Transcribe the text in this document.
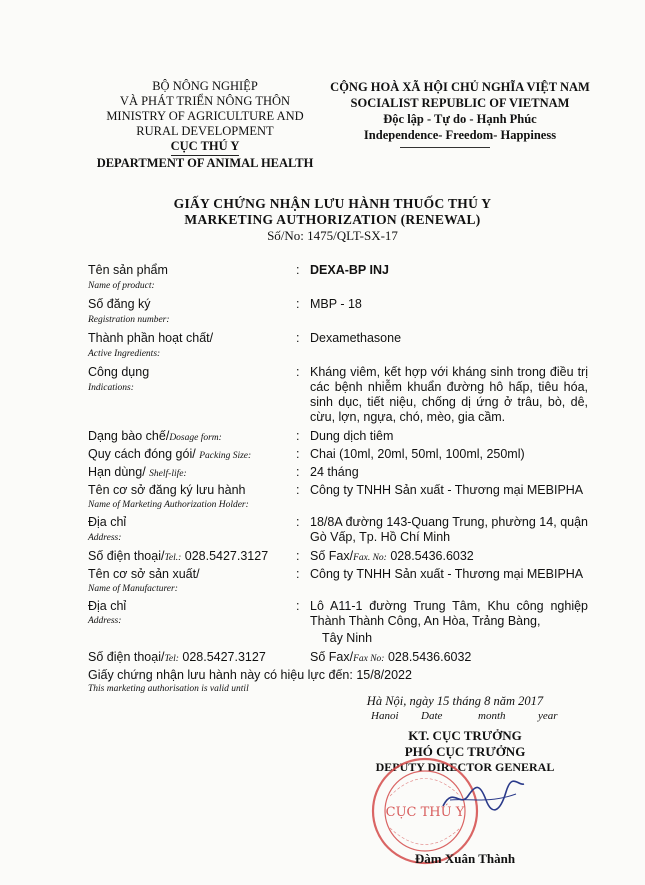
BỘ NÔNG NGHIỆP
VÀ PHÁT TRIỂN NÔNG THÔN
MINISTRY OF AGRICULTURE AND
RURAL DEVELOPMENT
CỤC THÚ Y
DEPARTMENT OF ANIMAL HEALTH
CỘNG HOÀ XÃ HỘI CHỦ NGHĨA VIỆT NAM
SOCIALIST REPUBLIC OF VIETNAM
Độc lập - Tự do - Hạnh Phúc
Independence- Freedom- Happiness
GIẤY CHỨNG NHẬN LƯU HÀNH THUỐC THÚ Y
MARKETING AUTHORIZATION (RENEWAL)
Số/No: 1475/QLT-SX-17
Tên sản phẩm
Name of product:
: DEXA-BP INJ
Số đăng ký
Registration number:
: MBP - 18
Thành phần hoạt chất/
Active Ingredients:
: Dexamethasone
Công dụng
Indications:
: Kháng viêm, kết hợp với kháng sinh trong điều trị các bệnh nhiễm khuẩn đường hô hấp, tiêu hóa, sinh dục, tiết niệu, chống dị ứng ở trâu, bò, dê, cừu, lợn, ngựa, chó, mèo, gia cầm.
Dạng bào chế/Dosage form:	: Dung dịch tiêm
Quy cách đóng gói/ Packing Size:	: Chai (10ml, 20ml, 50ml, 100ml, 250ml)
Hạn dùng/ Shelf-life:	: 24 tháng
Tên cơ sở đăng ký lưu hành
Name of Marketing Authorization Holder:
: Công ty TNHH Sản xuất - Thương mại MEBIPHA
Địa chỉ
Address:
: 18/8A đường 143-Quang Trung, phường 14, quận Gò Vấp, Tp. Hồ Chí Minh
Số điện thoại/Tel.: 028.5427.3127 : Số Fax/Fax. No: 028.5436.6032
Tên cơ sở sản xuất/
Name of Manufacturer:
: Công ty TNHH Sản xuất - Thương mại MEBIPHA
Địa chỉ
Address:
: Lô A11-1 đường Trung Tâm, Khu công nghiệp Thành Thành Công, An Hòa, Trảng Bàng,
Tây Ninh
Số điện thoại/Tel: 028.5427.3127	Số Fax/Fax No: 028.5436.6032
Giấy chứng nhận lưu hành này có hiệu lực đến: 15/8/2022
This marketing authorisation is valid until
Hà Nội, ngày 15 tháng 8 năm 2017
Hanoi Date	month	year
KT. CỤC TRƯỞNG
PHÓ CỤC TRƯỞNG
DEPUTY DIRECTOR GENERAL
CỤC THÚ Y
Đàm Xuân Thành
